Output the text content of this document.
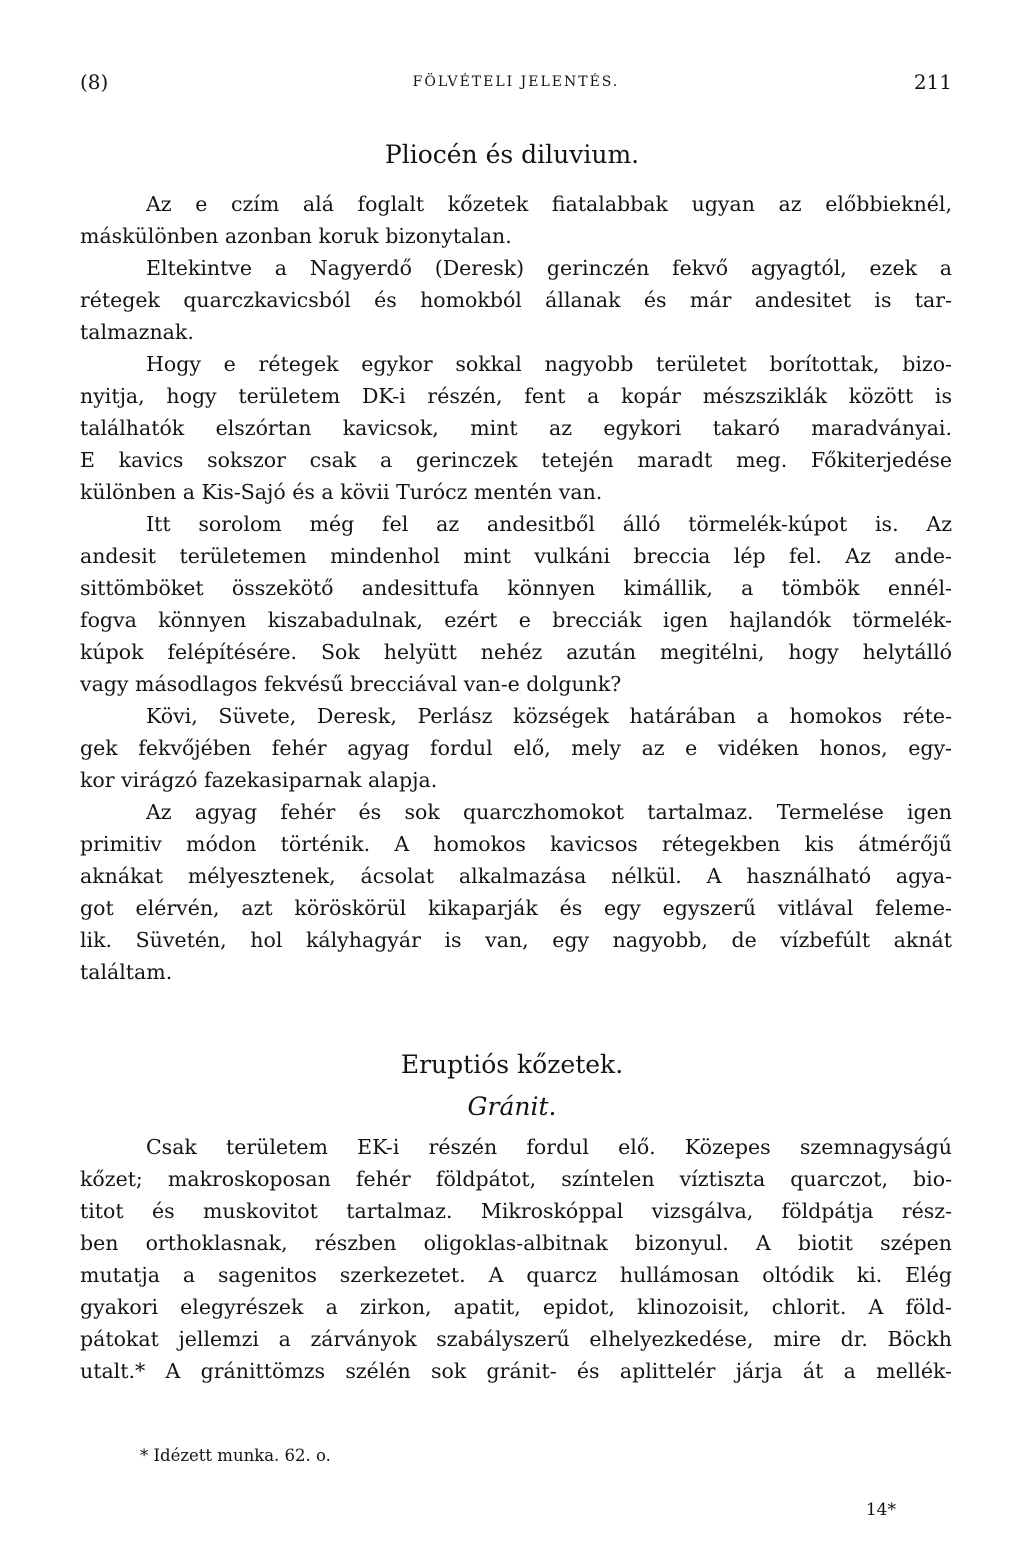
(8)	FÖLVÉTELI JELENTÉS.	211
Pliocén és diluvium.
Az e czím alá foglalt kőzetek fiatalabbak ugyan az előbbieknél,
máskülönben azonban koruk bizonytalan.
Eltekintve a Nagyerdő (Deresk) gerinczén fekvő agyagtól, ezek a
rétegek quarczkavicsból és homokból állanak és már andesitet is tar-
talmaznak.
Hogy e rétegek egykor sokkal nagyobb területet borítottak, bizo-
nyitja, hogy területem DK-i részén, fent a kopár mészsziklák között is
találhatók elszórtan kavicsok, mint az egykori takaró maradványai.
E kavics sokszor csak a gerinczek tetején maradt meg. Főkiterjedése
különben a Kis-Sajó és a kövii Turócz mentén van.
Itt sorolom még fel az andesitből álló törmelék-kúpot is. Az
andesit területemen mindenhol mint vulkáni breccia lép fel. Az ande-
sittömböket összekötő andesittufa könnyen kimállik, a tömbök ennél-
fogva könnyen kiszabadulnak, ezért e brecciák igen hajlandók törmelék-
kúpok felépítésére. Sok helyütt nehéz azután megitélni, hogy helytálló
vagy másodlagos fekvésű brecciával van-e dolgunk?
Kövi, Süvete, Deresk, Perlász községek határában a homokos réte-
gek fekvőjében fehér agyag fordul elő, mely az e vidéken honos, egy-
kor virágzó fazekasiparnak alapja.
Az agyag fehér és sok quarczhomokot tartalmaz. Termelése igen
primitiv módon történik. A homokos kavicsos rétegekben kis átmérőjű
aknákat mélyesztenek, ácsolat alkalmazása nélkül. A használható agya-
got elérvén, azt köröskörül kikaparják és egy egyszerű vitlával feleme-
lik. Süvetén, hol kályhagyár is van, egy nagyobb, de vízbefúlt aknát
találtam.
Eruptiós kőzetek.
Gránit.
Csak területem EK-i részén fordul elő. Közepes szemnagyságú
kőzet; makroskoposan fehér földpátot, színtelen víztiszta quarczot, bio-
titot és muskovitot tartalmaz. Mikroskóppal vizsgálva, földpátja rész-
ben orthoklasnak, részben oligoklas-albitnak bizonyul. A biotit szépen
mutatja a sagenitos szerkezetet. A quarcz hullámosan oltódik ki. Elég
gyakori elegyrészek a zirkon, apatit, epidot, klinozoisit, chlorit. A föld-
pátokat jellemzi a zárványok szabályszerű elhelyezkedése, mire dr. Böckh
utalt.* A gránittömzs szélén sok gránit- és aplittelér járja át a mellék-
* Idézett munka. 62. o.
14*
